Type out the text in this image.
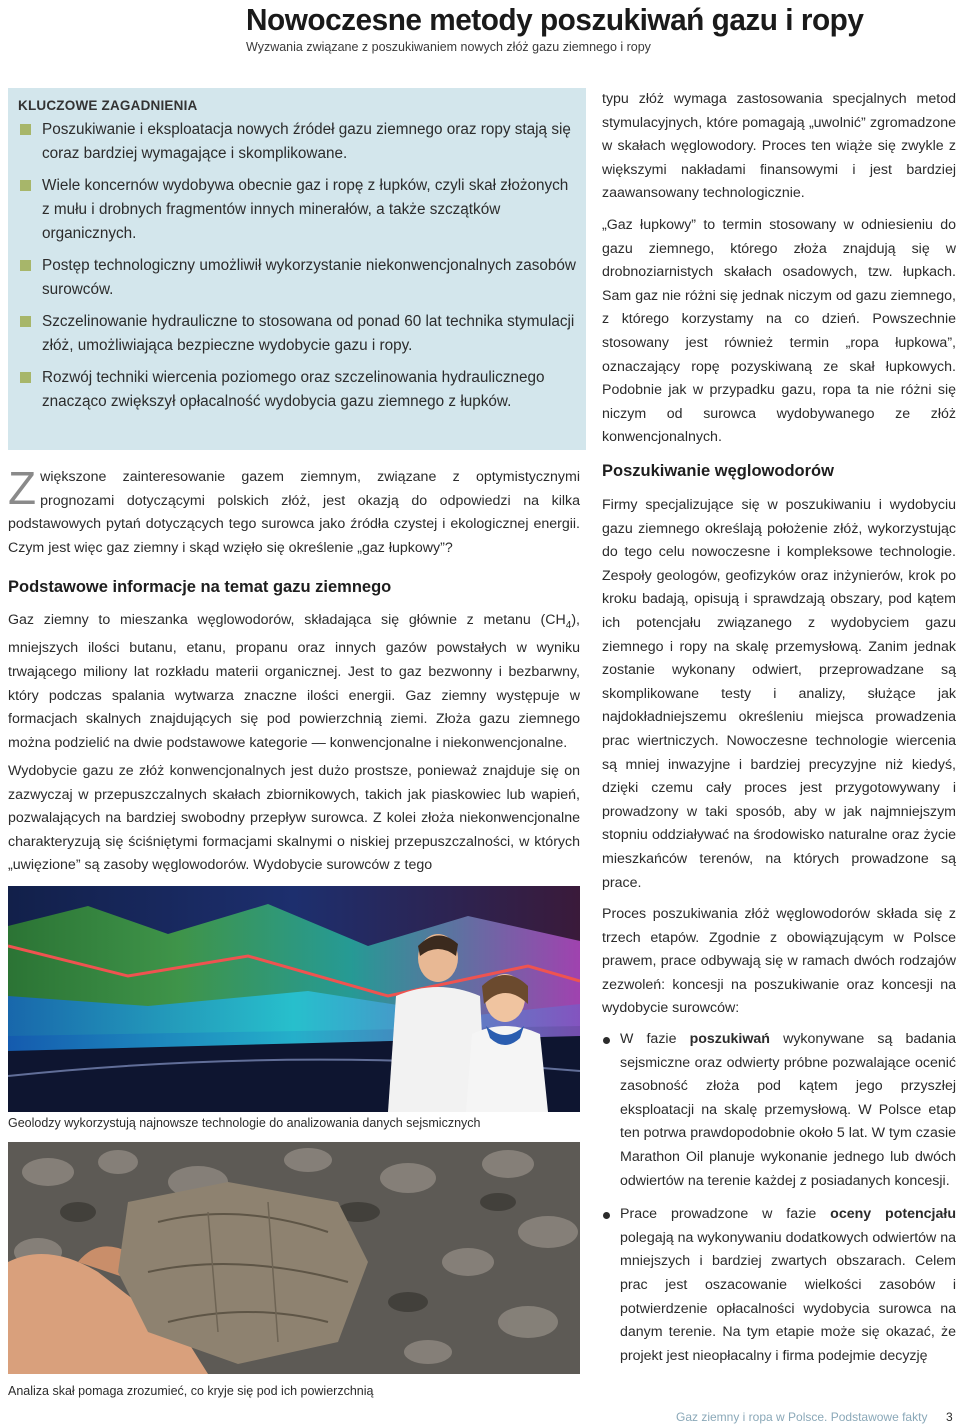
Nowoczesne metody poszukiwań gazu i ropy
Wyzwania związane z poszukiwaniem nowych złóż gazu ziemnego i ropy
KLUCZOWE ZAGADNIENIA
Poszukiwanie i eksploatacja nowych źródeł gazu ziemnego oraz ropy stają się coraz bardziej wymagające i skomplikowane.
Wiele koncernów wydobywa obecnie gaz i ropę z łupków, czyli skał złożonych z mułu i drobnych fragmentów innych minerałów, a także szczątków organicznych.
Postęp technologiczny umożliwił wykorzystanie niekonwencjonalnych zasobów surowców.
Szczelinowanie hydrauliczne to stosowana od ponad 60 lat technika stymulacji złóż, umożliwiająca bezpieczne wydobycie gazu i ropy.
Rozwój techniki wiercenia poziomego oraz szczelinowania hydraulicznego znacząco zwiększył opłacalność wydobycia gazu ziemnego z łupków.
Zwiększone zainteresowanie gazem ziemnym, związane z optymistycznymi prognozami dotyczącymi polskich złóż, jest okazją do odpowiedzi na kilka podstawowych pytań dotyczących tego surowca jako źródła czystej i ekologicznej energii. Czym jest więc gaz ziemny i skąd wzięło się określenie „gaz łupkowy”?

Podstawowe informacje na temat gazu ziemnego

Gaz ziemny to mieszanka węglowodorów, składająca się głównie z metanu $(CH_4)$, mniejszych ilości butanu, etanu, propanu oraz innych gazów powstałych w wyniku trwającego miliony lat rozkładu materii organicznej. Jest to gaz bezwonny i bezbarwny, który podczas spalania wytwarza znaczne ilości energii. Gaz ziemny występuje w formacjach skalnych znajdujących się pod powierzchnią ziemi. Złoża gazu ziemnego można podzielić na dwie podstawowe kategorie — konwencjonalne i niekonwencjonalne.
Wydobycie gazu ze złóż konwencjonalnych jest dużo prostsze, ponieważ znajduje się on zazwyczaj w przepuszczalnych skałach zbiornikowych, takich jak piaskowiec lub wapień, pozwalających na bardziej swobodny przepływ surowca. Z kolei złoża niekonwencjonalne charakteryzują się ściśniętymi formacjami skalnymi o niskiej przepuszczalności, w których „uwięzione” są zasoby węglowodorów. Wydobycie surowców z tego
Geolodzy wykorzystują najnowsze technologie do analizowania danych sejsmicznych
Analiza skał pomaga zrozumieć, co kryje się pod ich powierzchnią

typu złóż wymaga zastosowania specjalnych metod stymulacyjnych, które pomagają „uwolnić” zgromadzone w skałach węglowodory. Proces ten wiąże się zwykle z większymi nakładami finansowymi i jest bardziej zaawansowany technologicznie.

„Gaz łupkowy” to termin stosowany w odniesieniu do gazu ziemnego, którego złoża znajdują się w drobnoziarnistych skałach osadowych, tzw. łupkach. Sam gaz nie różni się jednak niczym od gazu ziemnego, z którego korzystamy na co dzień. Powszechnie stosowany jest również termin „ropa łupkowa”, oznaczający ropę pozyskiwaną ze skał łupkowych. Podobnie jak w przypadku gazu, ropa ta nie różni się niczym od surowca wydobywanego ze złóż konwencjonalnych.

Poszukiwanie węglowodorów

Firmy specjalizujące się w poszukiwaniu i wydobyciu gazu ziemnego określają położenie złóż, wykorzystując do tego celu nowoczesne i kompleksowe technologie. Zespoły geologów, geofizyków oraz inżynierów, krok po kroku badają, opisują i sprawdzają obszary, pod kątem ich potencjału związanego z wydobyciem gazu ziemnego i ropy na skalę przemysłową. Zanim jednak zostanie wykonany odwiert, przeprowadzane są skomplikowane testy i analizy, służące jak najdokładniejszemu określeniu miejsca prowadzenia prac wiertniczych. Nowoczesne technologie wiercenia są mniej inwazyjne i bardziej precyzyjne niż kiedyś, dzięki czemu cały proces jest przygotowywany i prowadzony w taki sposób, aby w jak najmniejszym stopniu oddziaływać na środowisko naturalne oraz życie mieszkańców terenów, na których prowadzone są prace.

Proces poszukiwania złóż węglowodorów składa się z trzech etapów. Zgodnie z obowiązującym w Polsce prawem, prace odbywają się w ramach dwóch rodzajów zezwoleń: koncesji na poszukiwanie oraz koncesji na wydobycie surowców:

W fazie poszukiwań wykonywane są badania sejsmiczne oraz odwierty próbne pozwalające ocenić zasobność złoża pod kątem jego przyszłej eksploatacji na skalę przemysłową. W Polsce etap ten potrwa prawdopodobnie około 5 lat. W tym czasie Marathon Oil planuje wykonanie jednego lub dwóch odwiertów na terenie każdej z posiadanych koncesji.
Prace prowadzone w fazie oceny potencjału polegają na wykonywaniu dodatkowych odwiertów na mniejszych i bardziej zwartych obszarach. Celem prac jest oszacowanie wielkości zasobów i potwierdzenie opłacalności wydobycia surowca na danym terenie. Na tym etapie może się okazać, że projekt jest nieopłacalny i firma podejmie decyzję
Gaz ziemny i ropa w Polsce. Podstawowe fakty 3
